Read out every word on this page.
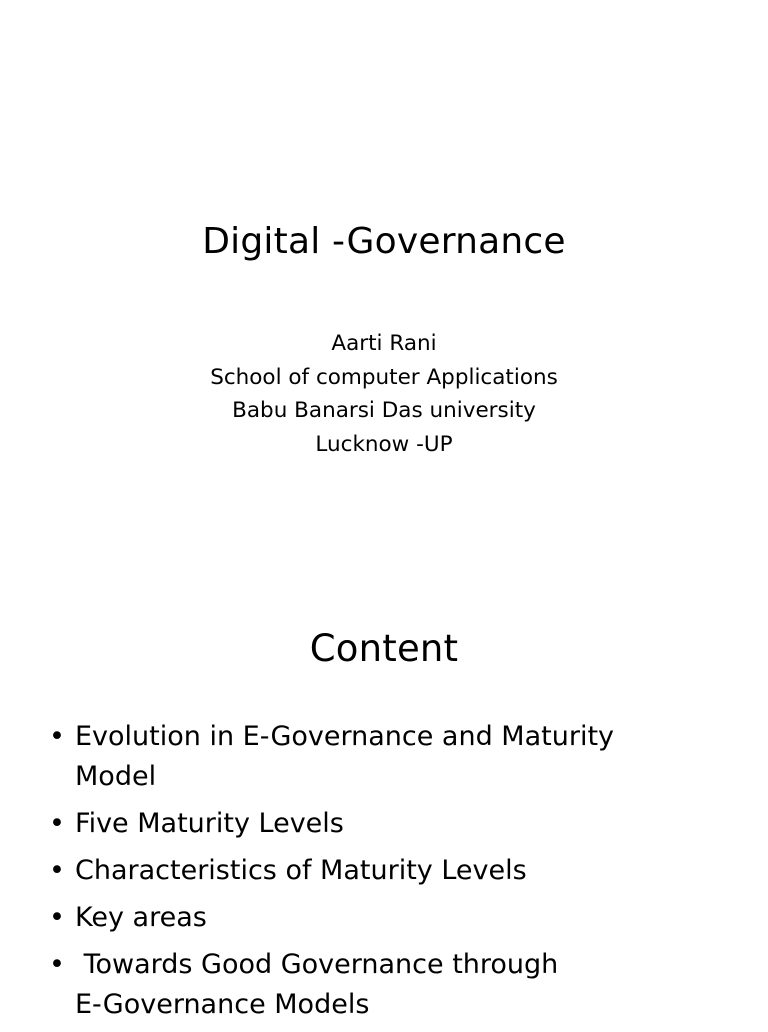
Digital -Governance
Aarti Rani
School of computer Applications
Babu Banarsi Das university
Lucknow -UP
Content
• Evolution in E-Governance and Maturity
Model
• Five Maturity Levels
• Characteristics of Maturity Levels
• Key areas
• Towards Good Governance through
E-Governance Models
